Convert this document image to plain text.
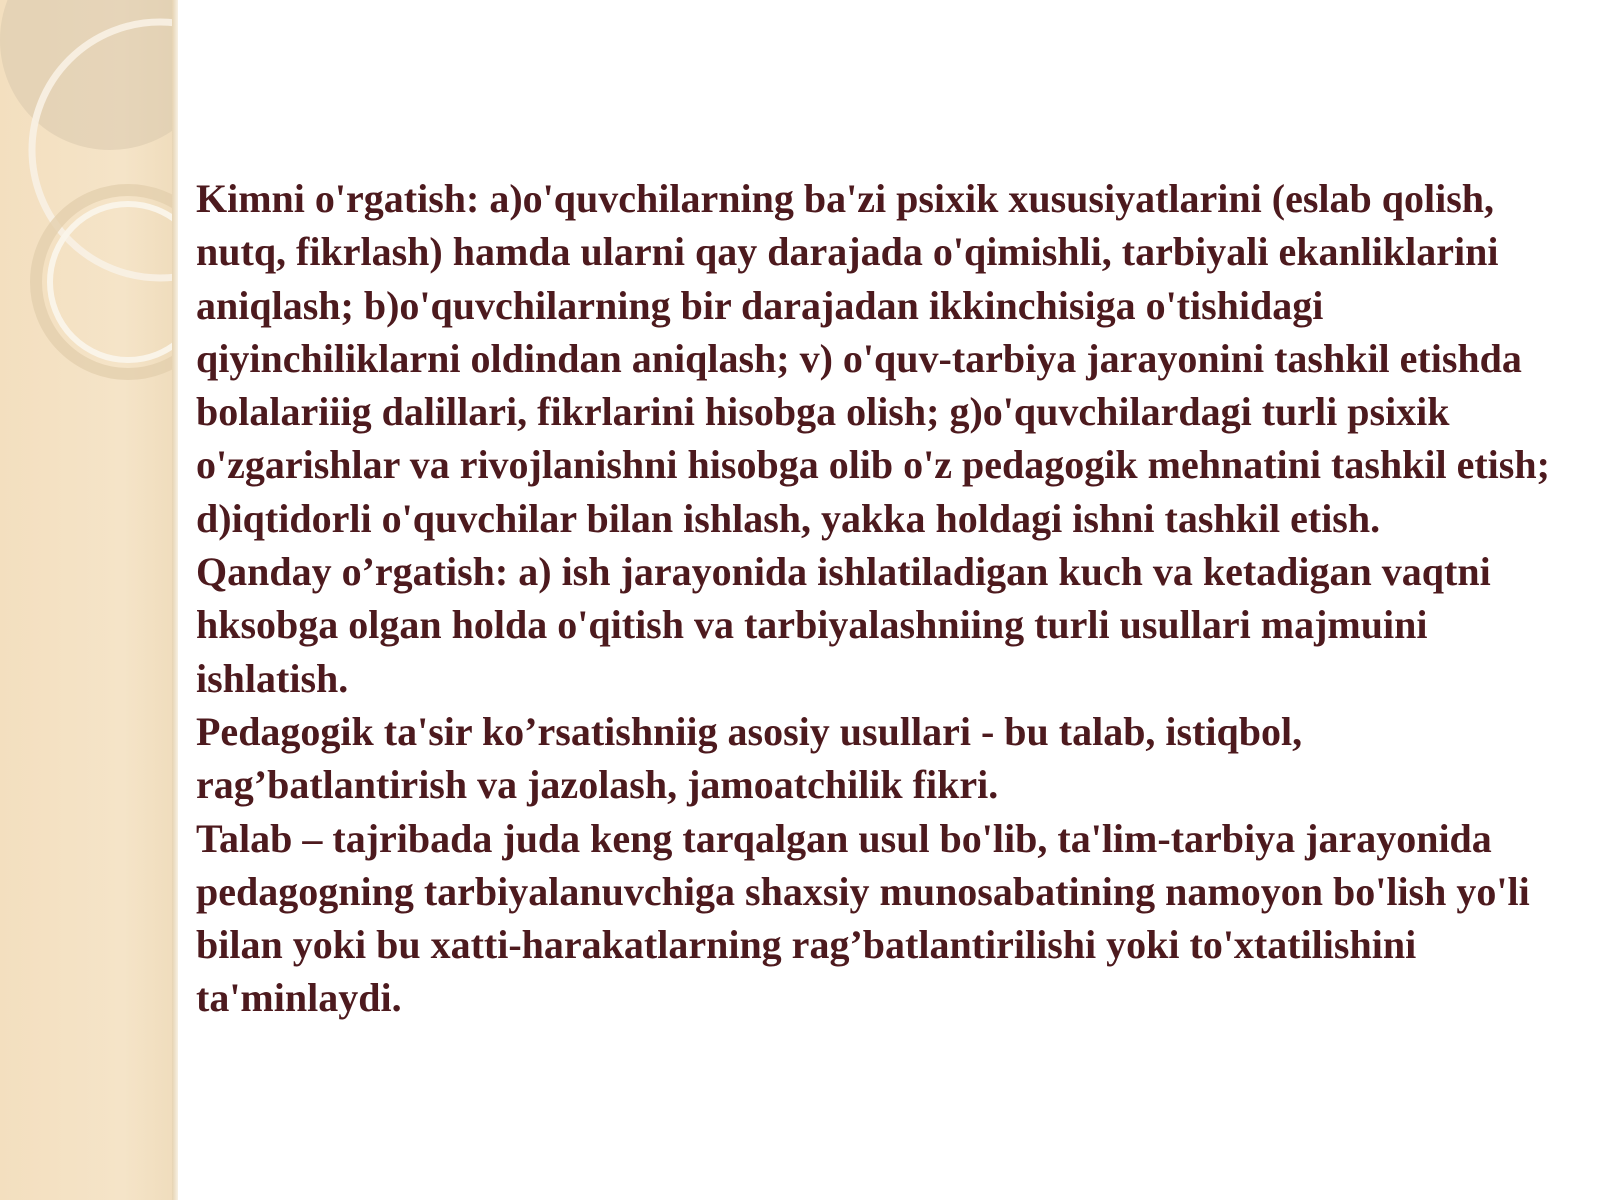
Kimni o'rgatish: a)o'quvchilarning ba'zi psixik xususiyatlarini (eslab qolish, nutq, fikrlash) hamda ularni qay darajada o'qimishli, tarbiyali ekanliklarini aniqlash; b)o'quvchilarning bir darajadan ikkinchisiga o'tishidagi qiyinchiliklarni oldindan aniqlash; v) o'quv-tarbiya jarayonini tashkil etishda bolalariiig dalillari, fikrlarini hisobga olish; g)o'quvchilardagi turli psixik o'zgarishlar va rivojlanishni hisobga olib o'z pedagogik mehnatini tashkil etish; d)iqtidorli o'quvchilar bilan ishlash, yakka holdagi ishni tashkil etish.

Qanday o’rgatish: a) ish jarayonida ishlatiladigan kuch va ketadigan vaqtni hksobga olgan holda o'qitish va tarbiyalashniing turli usullari majmuini ishlatish.

Pedagogik ta'sir ko’rsatishniig asosiy usullari - bu talab, istiqbol, rag’batlantirish va jazolash, jamoatchilik fikri.

Talab – tajribada juda keng tarqalgan usul bo'lib, ta'lim-tarbiya jarayonida pedagogning tarbiyalanuvchiga shaxsiy munosabatining namoyon bo'lish yo'li bilan yoki bu xatti-harakatlarning rag’batlantirilishi yoki to'xtatilishini ta'minlaydi.
